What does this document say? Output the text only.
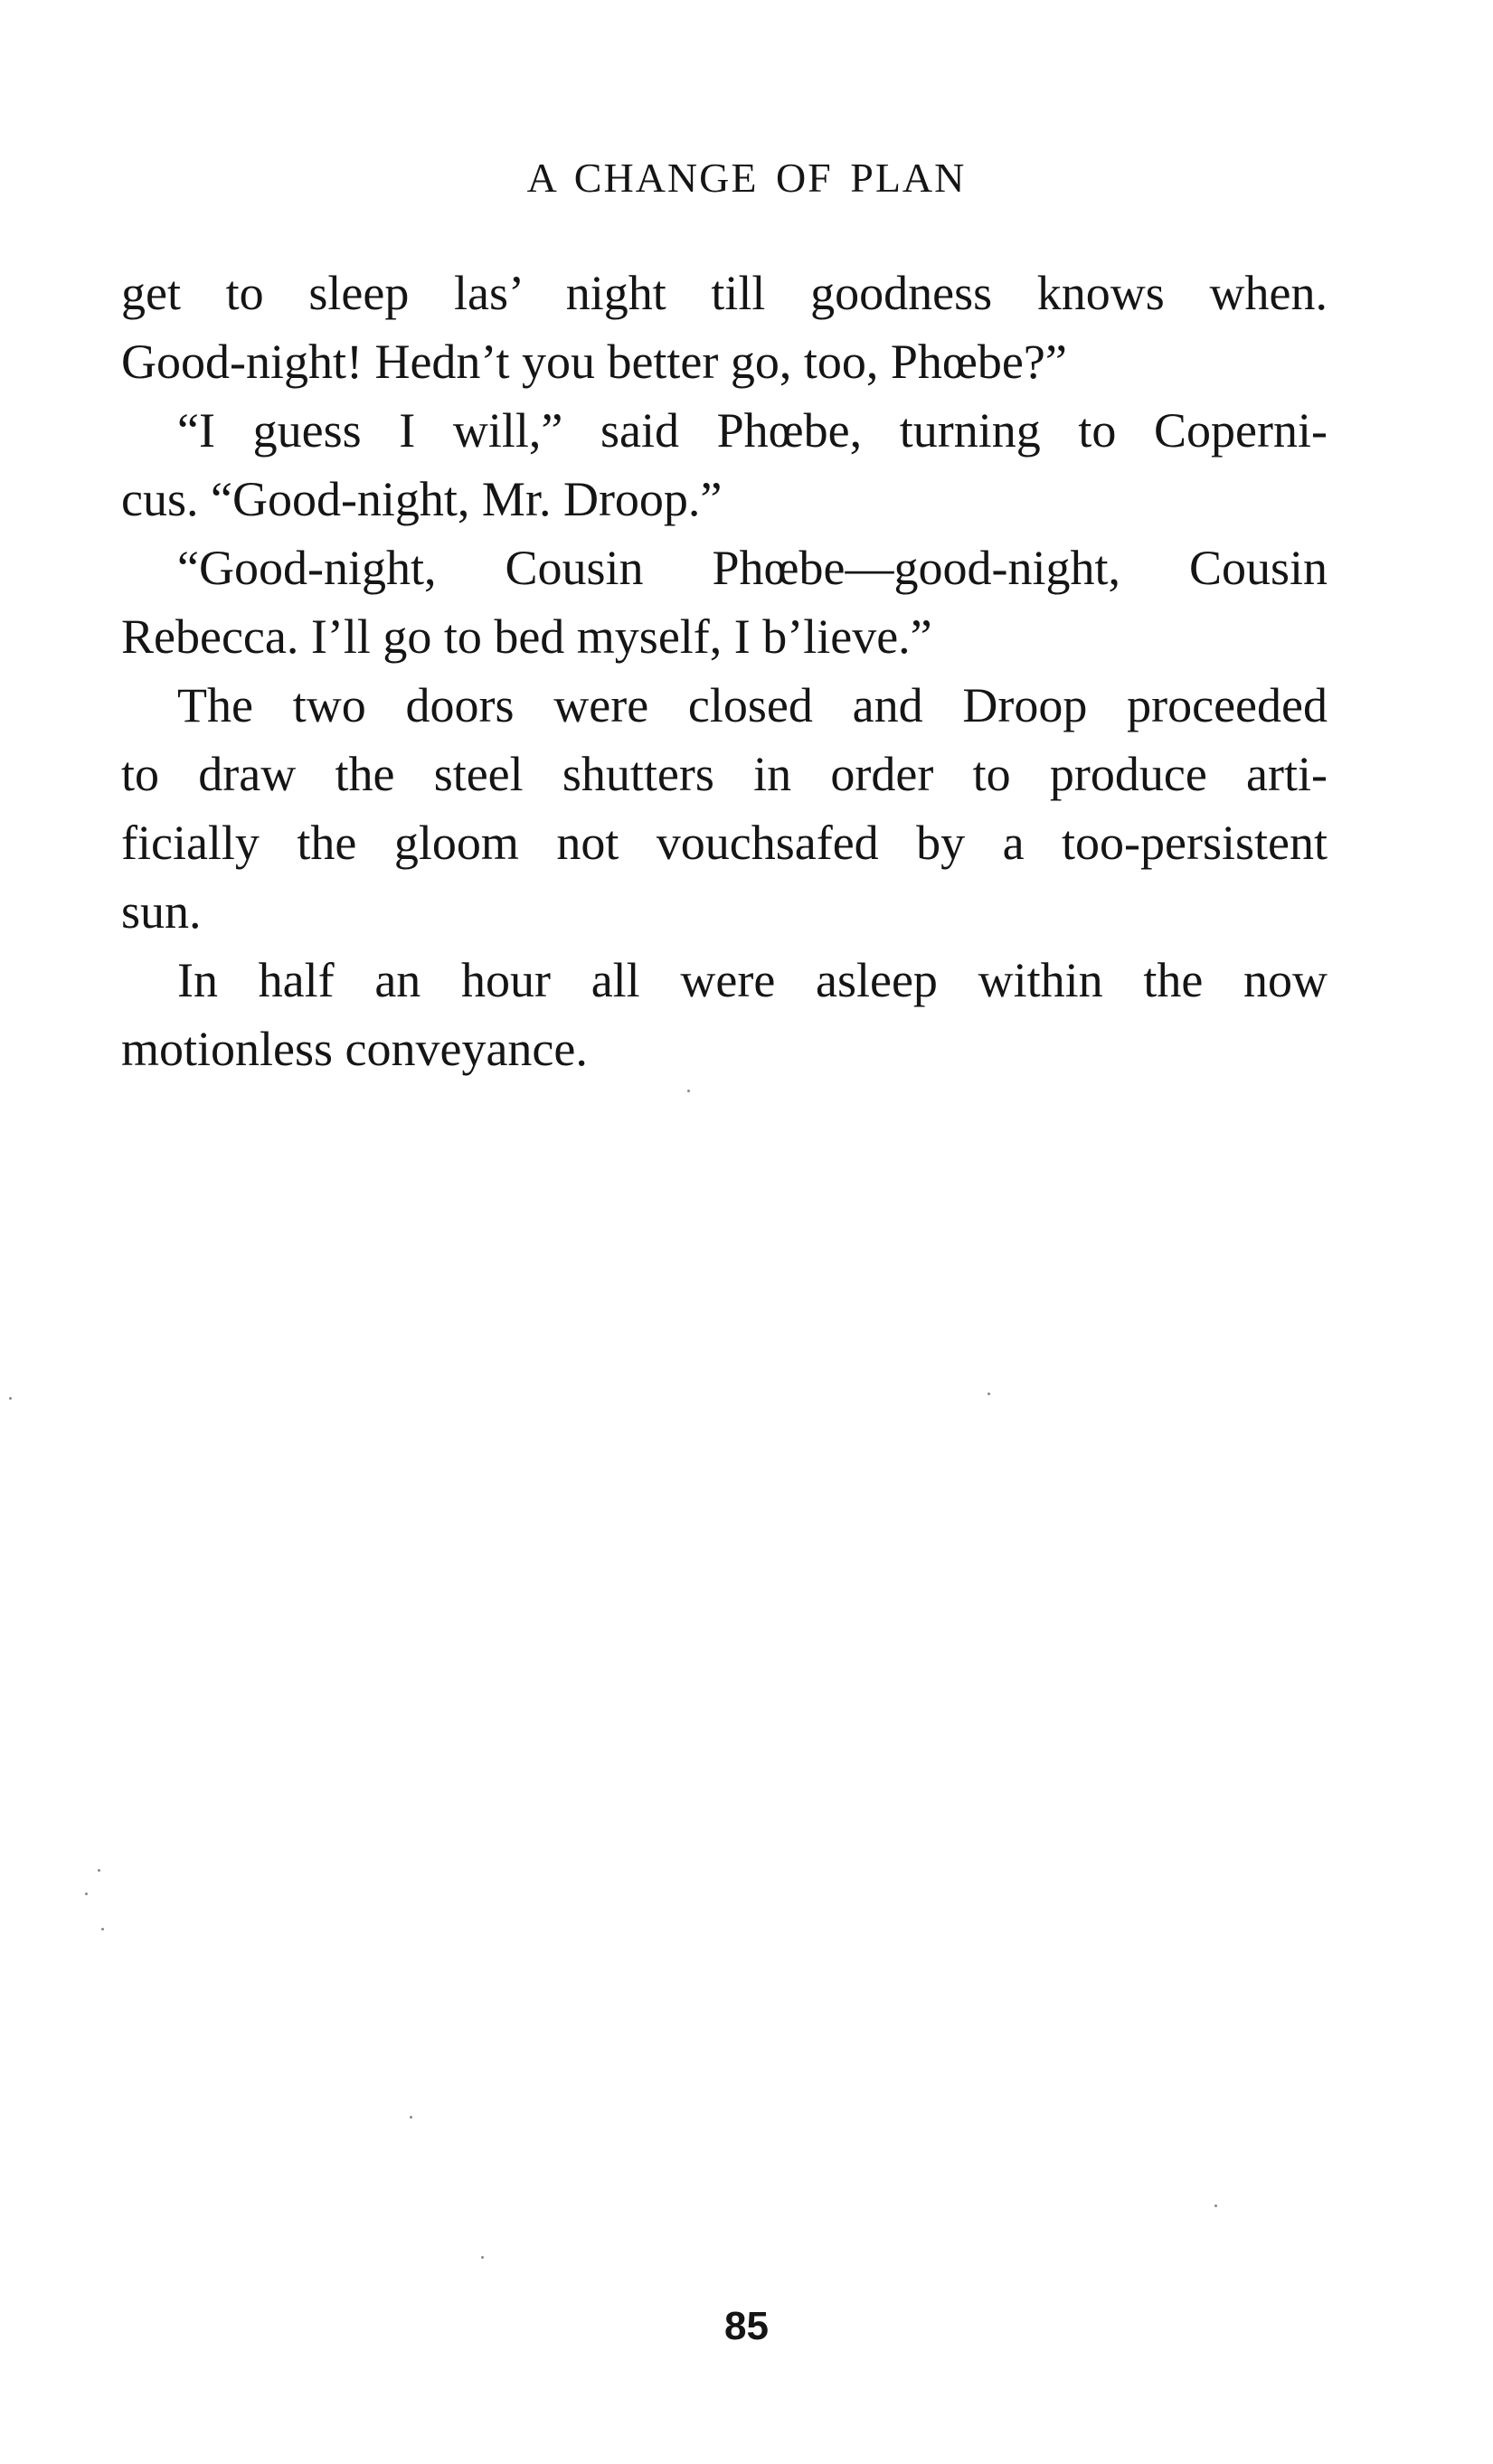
A CHANGE OF PLAN
get to sleep las’ night till goodness knows when.
Good-night! Hedn’t you better go, too, Phœbe?”
“I guess I will,” said Phœbe, turning to Coperni-
cus. “Good-night, Mr. Droop.”
“Good-night, Cousin Phœbe—good-night, Cousin
Rebecca. I’ll go to bed myself, I b’lieve.”
The two doors were closed and Droop proceeded
to draw the steel shutters in order to produce arti-
ficially the gloom not vouchsafed by a too-persistent
sun.
In half an hour all were asleep within the now
motionless conveyance.
85
